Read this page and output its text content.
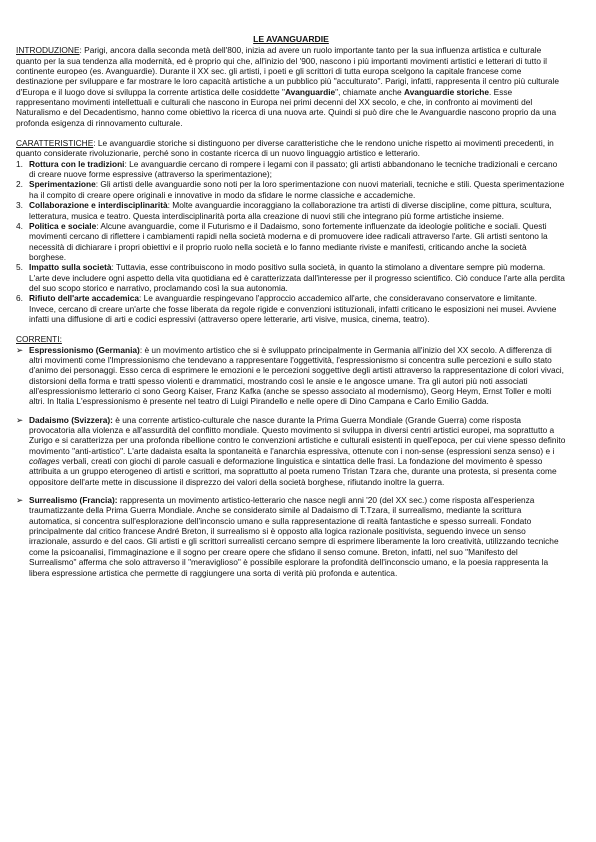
LE AVANGUARDIE

INTRODUZIONE: Parigi, ancora dalla seconda metà dell'800, inizia ad avere un ruolo importante tanto per la sua influenza artistica e culturale quanto per la sua tendenza alla modernità, ed è proprio qui che, all'inizio del '900, nascono i più importanti movimenti artistici e letterari di tutto il continente europeo (es. Avanguardie). Durante il XX sec. gli artisti, i poeti e gli scrittori di tutta europa scelgono la capitale francese come destinazione per sviluppare e far mostrare le loro capacità artistiche a un pubblico più "acculturato". Parigi, infatti, rappresenta il centro più culturale d'Europa e il luogo dove si sviluppa la corrente artistica delle cosiddette "Avanguardie", chiamate anche Avanguardie storiche. Esse rappresentano movimenti intellettuali e culturali che nascono in Europa nei primi decenni del XX secolo, e che, in confronto ai movimenti del Naturalismo e del Decadentismo, hanno come obiettivo la ricerca di una nuova arte. Quindi si può dire che le Avanguardie nascono proprio da una profonda esigenza di rinnovamento culturale.

CARATTERISTICHE: Le avanguardie storiche si distinguono per diverse caratteristiche che le rendono uniche rispetto ai movimenti precedenti, in quanto considerate rivoluzionarie, perché sono in costante ricerca di un nuovo linguaggio artistico e letterario.

1. Rottura con le tradizioni: Le avanguardie cercano di rompere i legami con il passato; gli artisti abbandonano le tecniche tradizionali e cercano di creare nuove forme espressive (attraverso la sperimentazione);
2. Sperimentazione: Gli artisti delle avanguardie sono noti per la loro sperimentazione con nuovi materiali, tecniche e stili. Questa sperimentazione ha il compito di creare opere originali e innovative in modo da sfidare le norme classiche e accademiche.
3. Collaborazione e interdisciplinarità: Molte avanguardie incoraggiano la collaborazione tra artisti di diverse discipline, come pittura, scultura, letteratura, musica e teatro. Questa interdisciplinarità porta alla creazione di nuovi stili che integrano più forme artistiche insieme.
4. Politica e sociale: Alcune avanguardie, come il Futurismo e il Dadaismo, sono fortemente influenzate da ideologie politiche e sociali. Questi movimenti cercano di riflettere i cambiamenti rapidi nella società moderna e di promuovere idee radicali attraverso l'arte. Gli artisti sentono la necessità di dichiarare i propri obiettivi e il proprio ruolo nella società e lo fanno mediante riviste e manifesti, criticando anche la società borghese.
5. Impatto sulla società: Tuttavia, esse contribuiscono in modo positivo sulla società, in quanto la stimolano a diventare sempre più moderna. L'arte deve includere ogni aspetto della vita quotidiana ed è caratterizzata dall'interesse per il progresso scientifico. Ciò conduce l'arte alla perdita del suo scopo storico e narrativo, proclamando così la sua autonomia.
6. Rifiuto dell'arte accademica: Le avanguardie respingevano l'approccio accademico all'arte, che consideravano conservatore e limitante. Invece, cercano di creare un'arte che fosse liberata da regole rigide e convenzioni istituzionali, infatti criticano le esposizioni nei musei. Avviene infatti una diffusione di arti e codici espressivi (attraverso opere letterarie, arti visive, musica, cinema, teatro).

CORRENTI:

➢ Espressionismo (Germania): è un movimento artistico che si è sviluppato principalmente in Germania all'inizio del XX secolo. A differenza di altri movimenti come l'Impressionismo che tendevano a rappresentare l'oggettività, l'espressionismo si concentra sulle percezioni e sullo stato d'animo dei personaggi. Esso cerca di esprimere le emozioni e le percezioni soggettive degli artisti attraverso la rappresentazione di colori vivaci, distorsioni della forma e tratti spesso violenti e drammatici, mostrando così le ansie e le angosce umane. Tra gli autori più noti associati all'espressionismo letterario ci sono Georg Kaiser, Franz Kafka (anche se spesso associato al modernismo), Georg Heym, Ernst Toller e molti altri. In Italia L'espressionismo è presente nel teatro di Luigi Pirandello e nelle opere di Dino Campana e Carlo Emilio Gadda.
➢ Dadaismo (Svizzera): è una corrente artistico-culturale che nasce durante la Prima Guerra Mondiale (Grande Guerra) come risposta provocatoria alla violenza e all'assurdità del conflitto mondiale. Questo movimento si sviluppa in diversi centri artistici europei, ma soprattutto a Zurigo e si caratterizza per una profonda ribellione contro le convenzioni artistiche e culturali esistenti in quell'epoca, per cui viene spesso definito movimento "anti-artistico". L'arte dadaista esalta la spontaneità e l'anarchia espressiva, ottenute con i non-sense (espressioni senza senso) e i collages verbali, creati con giochi di parole casuali e deformazione linguistica e sintattica delle frasi. La fondazione del movimento è spesso attribuita a un gruppo eterogeneo di artisti e scrittori, ma soprattutto al poeta rumeno Tristan Tzara che, durante una protesta, si presenta come oppositore dell'arte mette in discussione il disprezzo dei valori della società borghese, rifiutando inoltre la guerra.
➢ Surrealismo (Francia): rappresenta un movimento artistico-letterario che nasce negli anni '20 (del XX sec.) come risposta all'esperienza traumatizzante della Prima Guerra Mondiale. Anche se considerato simile al Dadaismo di T.Tzara, il surrealismo, mediante la scrittura automatica, si concentra sull'esplorazione dell'inconscio umano e sulla rappresentazione di realtà fantastiche e spesso surreali. Fondato principalmente dal critico francese André Breton, il surrealismo si è opposto alla logica razionale positivista, seguendo invece un senso irrazionale, assurdo e del caos. Gli artisti e gli scrittori surrealisti cercano sempre di esprimere liberamente la loro creatività, utilizzando tecniche come la psicoanalisi, l'immaginazione e il sogno per creare opere che sfidano il senso comune. Breton, infatti, nel suo "Manifesto del Surrealismo" afferma che solo attraverso il "meraviglioso" è possibile esplorare la profondità dell'inconscio umano, e la poesia rappresenta la libera espressione artistica che permette di raggiungere una sorta di verità più profonda e autentica.
